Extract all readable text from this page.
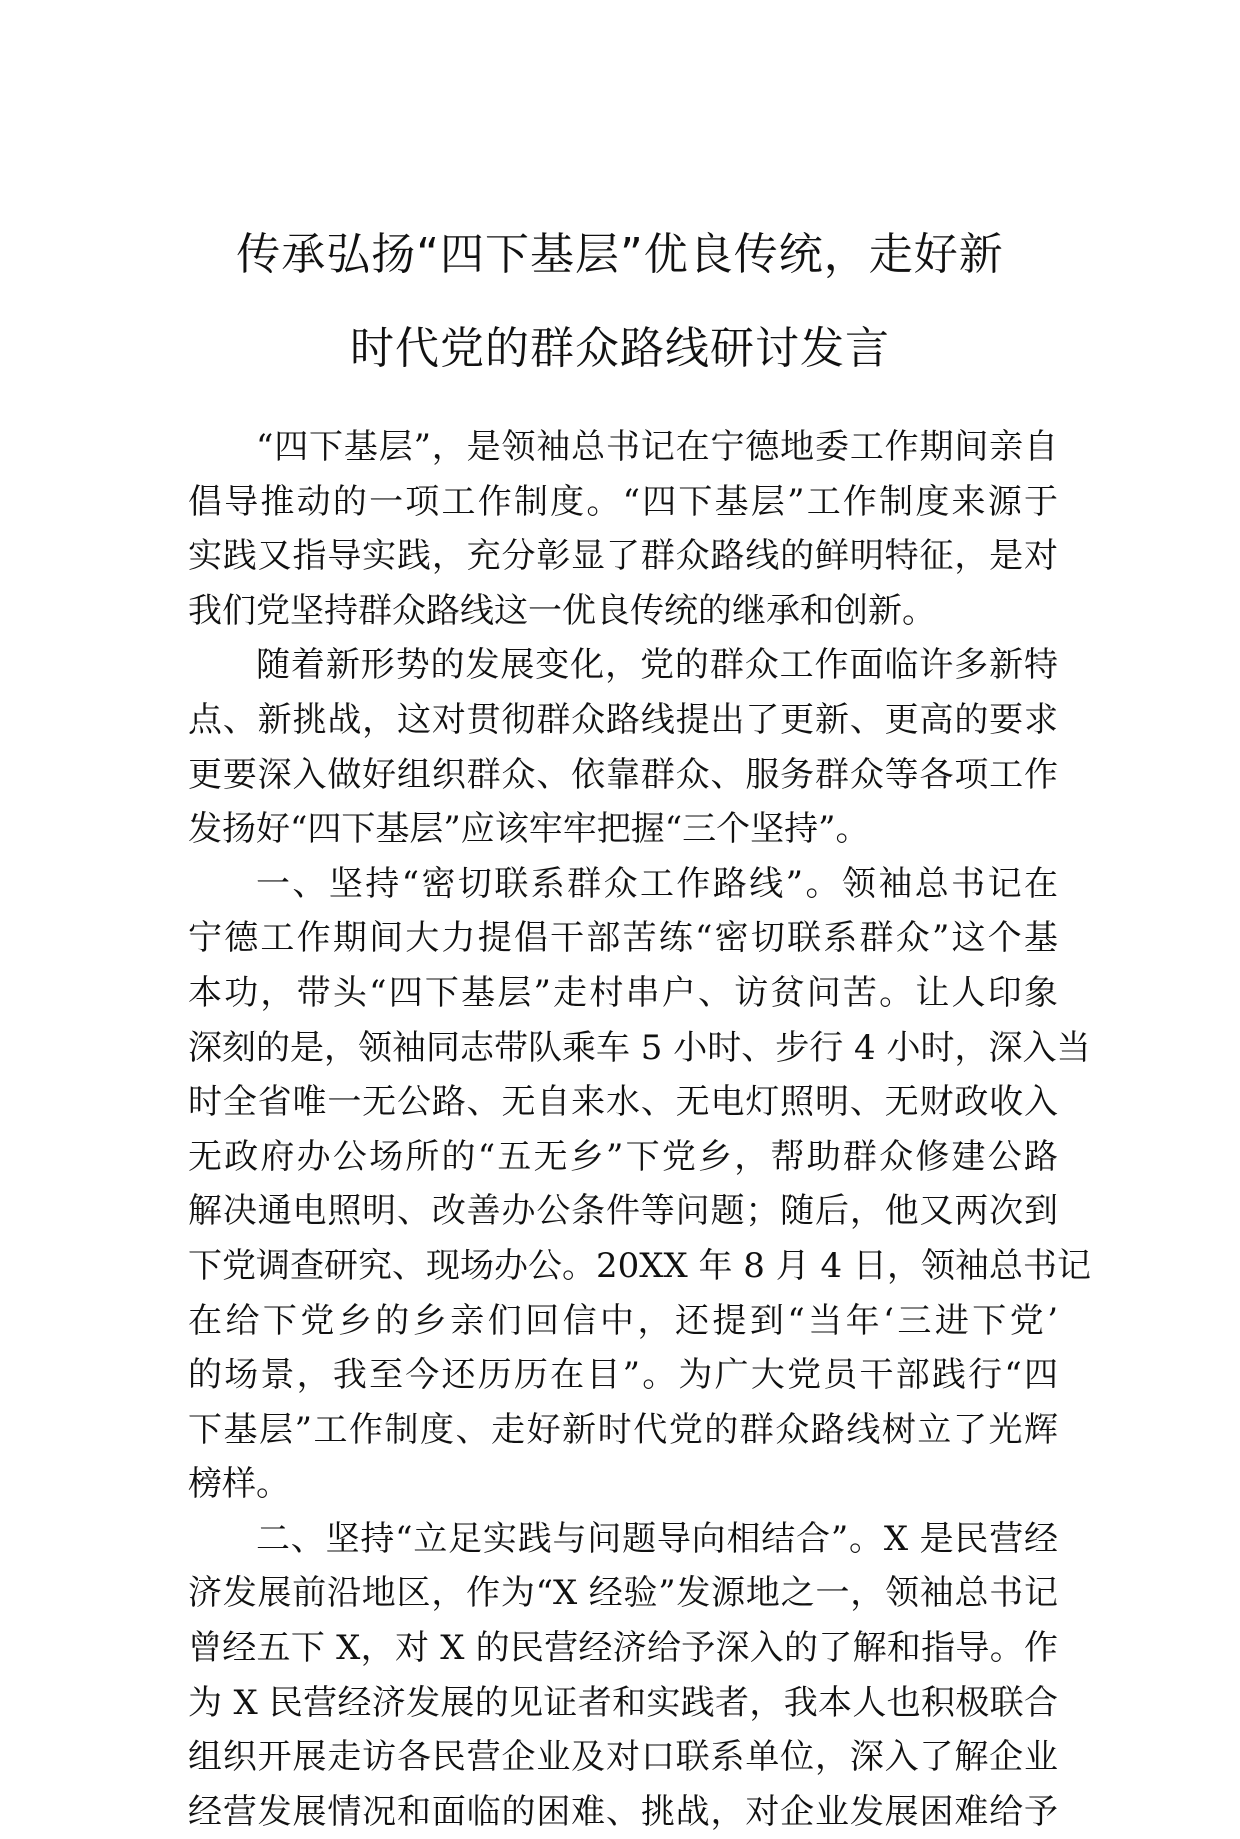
传承弘扬“四下基层”优良传统，走好新
时代党的群众路线研讨发言
“四下基层”，是领袖总书记在宁德地委工作期间亲自
倡导推动的一项工作制度。“四下基层”工作制度来源于
实践又指导实践，充分彰显了群众路线的鲜明特征，是对
我们党坚持群众路线这一优良传统的继承和创新。
随着新形势的发展变化，党的群众工作面临许多新特
点、新挑战，这对贯彻群众路线提出了更新、更高的要求
更要深入做好组织群众、依靠群众、服务群众等各项工作
发扬好“四下基层”应该牢牢把握“三个坚持”。
一、坚持“密切联系群众工作路线”。领袖总书记在
宁德工作期间大力提倡干部苦练“密切联系群众”这个基
本功，带头“四下基层”走村串户、访贫问苦。让人印象
深刻的是，领袖同志带队乘车 5 小时、步行 4 小时，深入当
时全省唯一无公路、无自来水、无电灯照明、无财政收入
无政府办公场所的“五无乡”下党乡，帮助群众修建公路
解决通电照明、改善办公条件等问题；随后，他又两次到
下党调查研究、现场办公。20XX 年 8 月 4 日，领袖总书记
在给下党乡的乡亲们回信中，还提到“当年‘三进下党’
的场景，我至今还历历在目”。为广大党员干部践行“四
下基层”工作制度、走好新时代党的群众路线树立了光辉
榜样。
二、坚持“立足实践与问题导向相结合”。X 是民营经
济发展前沿地区，作为“X 经验”发源地之一，领袖总书记
曾经五下 X，对 X 的民营经济给予深入的了解和指导。作
为 X 民营经济发展的见证者和实践者，我本人也积极联合
组织开展走访各民营企业及对口联系单位，深入了解企业
经营发展情况和面临的困难、挑战，对企业发展困难给予
